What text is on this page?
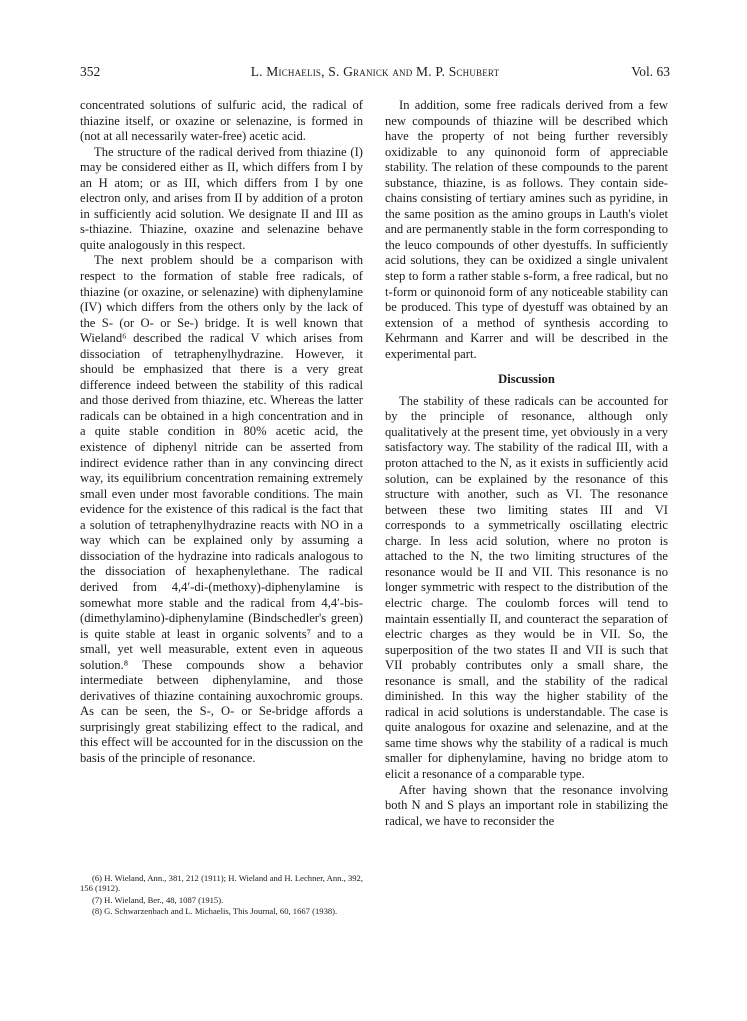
352	L. Michaelis, S. Granick and M. P. Schubert	Vol. 63

concentrated solutions of sulfuric acid, the radical of thiazine itself, or oxazine or selenazine, is formed in (not at all necessarily water-free) acetic acid.

The structure of the radical derived from thiazine (I) may be considered either as II, which differs from I by an H atom; or as III, which differs from I by one electron only, and arises from II by addition of a proton in sufficiently acid solution. We designate II and III as s-thiazine. Thiazine, oxazine and selenazine behave quite analogously in this respect.

The next problem should be a comparison with respect to the formation of stable free radicals, of thiazine (or oxazine, or selenazine) with diphenylamine (IV) which differs from the others only by the lack of the S- (or O- or Se-) bridge. It is well known that Wieland⁶ described the radical V which arises from dissociation of tetraphenylhydrazine. However, it should be emphasized that there is a very great difference indeed between the stability of this radical and those derived from thiazine, etc. Whereas the latter radicals can be obtained in a high concentration and in a quite stable condition in 80% acetic acid, the existence of diphenyl nitride can be asserted from indirect evidence rather than in any convincing direct way, its equilibrium concentration remaining extremely small even under most favorable conditions. The main evidence for the existence of this radical is the fact that a solution of tetraphenylhydrazine reacts with NO in a way which can be explained only by assuming a dissociation of the hydrazine into radicals analogous to the dissociation of hexaphenylethane. The radical derived from 4,4′-di-(methoxy)-diphenylamine is somewhat more stable and the radical from 4,4′-bis-(dimethylamino)-diphenylamine (Bindschedler's green) is quite stable at least in organic solvents⁷ and to a small, yet well measurable, extent even in aqueous solution.⁸ These compounds show a behavior intermediate between diphenylamine, and those derivatives of thiazine containing auxochromic groups. As can be seen, the S-, O- or Se-bridge affords a surprisingly great stabilizing effect to the radical, and this effect will be accounted for in the discussion on the basis of the principle of resonance.

(6) H. Wieland, Ann., 381, 212 (1911); H. Wieland and H. Lechner, Ann., 392, 156 (1912).

(7) H. Wieland, Ber., 48, 1087 (1915).

(8) G. Schwarzenbach and L. Michaelis, This Journal, 60, 1667 (1938).

In addition, some free radicals derived from a few new compounds of thiazine will be described which have the property of not being further reversibly oxidizable to any quinonoid form of appreciable stability. The relation of these compounds to the parent substance, thiazine, is as follows. They contain side-chains consisting of tertiary amines such as pyridine, in the same position as the amino groups in Lauth's violet and are permanently stable in the form corresponding to the leuco compounds of other dyestuffs. In sufficiently acid solutions, they can be oxidized a single univalent step to form a rather stable s-form, a free radical, but no t-form or quinonoid form of any noticeable stability can be produced. This type of dyestuff was obtained by an extension of a method of synthesis according to Kehrmann and Karrer and will be described in the experimental part.

Discussion

The stability of these radicals can be accounted for by the principle of resonance, although only qualitatively at the present time, yet obviously in a very satisfactory way. The stability of the radical III, with a proton attached to the N, as it exists in sufficiently acid solution, can be explained by the resonance of this structure with another, such as VI. The resonance between these two limiting states III and VI corresponds to a symmetrically oscillating electric charge. In less acid solution, where no proton is attached to the N, the two limiting structures of the resonance would be II and VII. This resonance is no longer symmetric with respect to the distribution of the electric charge. The coulomb forces will tend to maintain essentially II, and counteract the separation of electric charges as they would be in VII. So, the superposition of the two states II and VII is such that VII probably contributes only a small share, the resonance is small, and the stability of the radical diminished. In this way the higher stability of the radical in acid solutions is understandable. The case is quite analogous for oxazine and selenazine, and at the same time shows why the stability of a radical is much smaller for diphenylamine, having no bridge atom to elicit a resonance of a comparable type.

After having shown that the resonance involving both N and S plays an important role in stabilizing the radical, we have to reconsider the
